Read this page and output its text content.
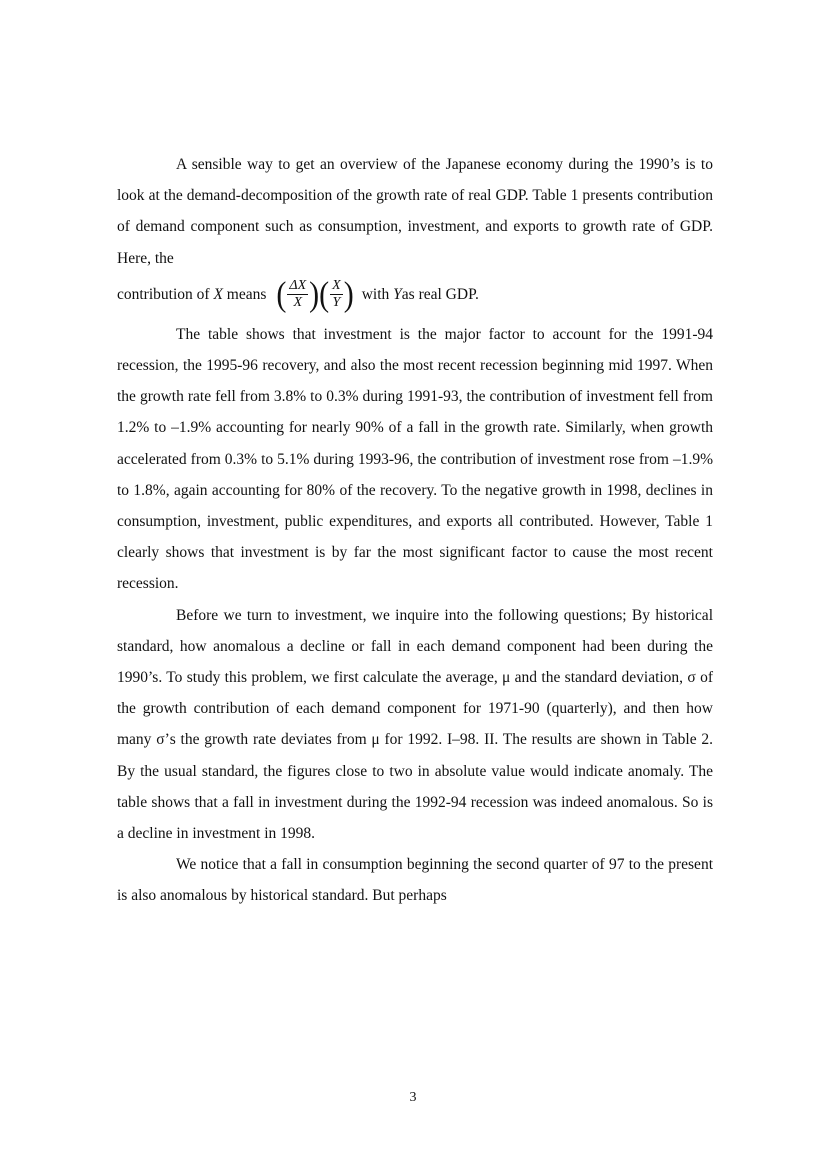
A sensible way to get an overview of the Japanese economy during the 1990’s is to look at the demand-decomposition of the growth rate of real GDP. Table 1 presents contribution of demand component such as consumption, investment, and exports to growth rate of GDP. Here, the

contribution of X means ( $\frac{\Delta X}{X}$ ) ( $\frac{X}{Y}$ ) with Y as real GDP.

The table shows that investment is the major factor to account for the 1991-94 recession, the 1995-96 recovery, and also the most recent recession beginning mid 1997. When the growth rate fell from 3.8% to 0.3% during 1991-93, the contribution of investment fell from 1.2% to –1.9% accounting for nearly 90% of a fall in the growth rate. Similarly, when growth accelerated from 0.3% to 5.1% during 1993-96, the contribution of investment rose from –1.9% to 1.8%, again accounting for 80% of the recovery. To the negative growth in 1998, declines in consumption, investment, public expenditures, and exports all contributed. However, Table 1 clearly shows that investment is by far the most significant factor to cause the most recent recession.

Before we turn to investment, we inquire into the following questions; By historical standard, how anomalous a decline or fall in each demand component had been during the 1990’s. To study this problem, we first calculate the average, μ and the standard deviation, σ of the growth contribution of each demand component for 1971-90 (quarterly), and then how many σ’s the growth rate deviates from μ for 1992. I–98. II. The results are shown in Table 2. By the usual standard, the figures close to two in absolute value would indicate anomaly. The table shows that a fall in investment during the 1992-94 recession was indeed anomalous. So is a decline in investment in 1998.

We notice that a fall in consumption beginning the second quarter of 97 to the present is also anomalous by historical standard. But perhaps

3
